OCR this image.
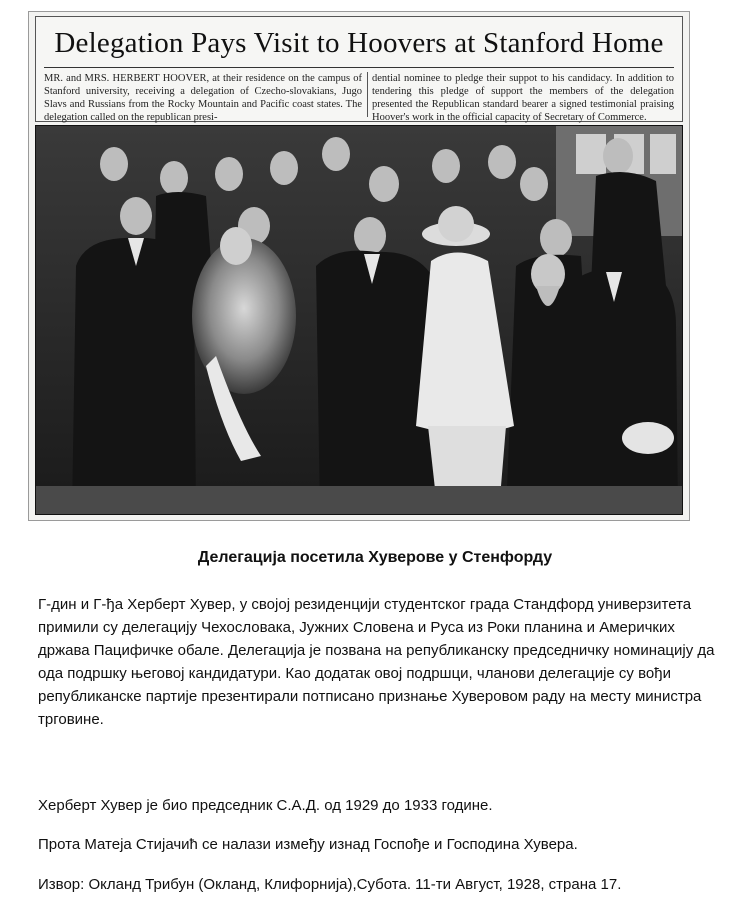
Delegation Pays Visit to Hoovers at Stanford Home
MR. and MRS. HERBERT HOOVER, at their residence on the campus of Stanford university, receiving a delegation of Czecho-slovakians, Jugo Slavs and Russians from the Rocky Mountain and Pacific coast states. The delegation called on the republican presi-
dential nominee to pledge their suppot to his candidacy. In addition to tendering this pledge of support the members of the delegation presented the Republican standard bearer a signed testimonial praising Hoover's work in the official capacity of Secretary of Commerce.
Делегација посетила Хуверове у Стенфорду
Г-дин и Г-ђа Херберт Хувер, у својој резиденцији студентског града Стандфорд универзитета примили су делегацију Чехословака, Јужних Словена и Руса из Роки планина и Америчких држава Пацифичке обале. Делегација је позвана на републиканску председничку номинацију да ода подршку његовој кандидатури. Као додатак овој подршци, чланови делегације су вођи републиканске партије презентирали потписано признање Хуверовом раду на месту министра трговине.
Херберт Хувер је био председник С.А.Д. од 1929 до 1933 године.
Прота Матеја Стијачић се налази између изнад Госпође и Господина Хувера.
Извор: Окланд Трибун (Окланд, Клифорнија),Субота. 11-ти Август, 1928, страна 17.
